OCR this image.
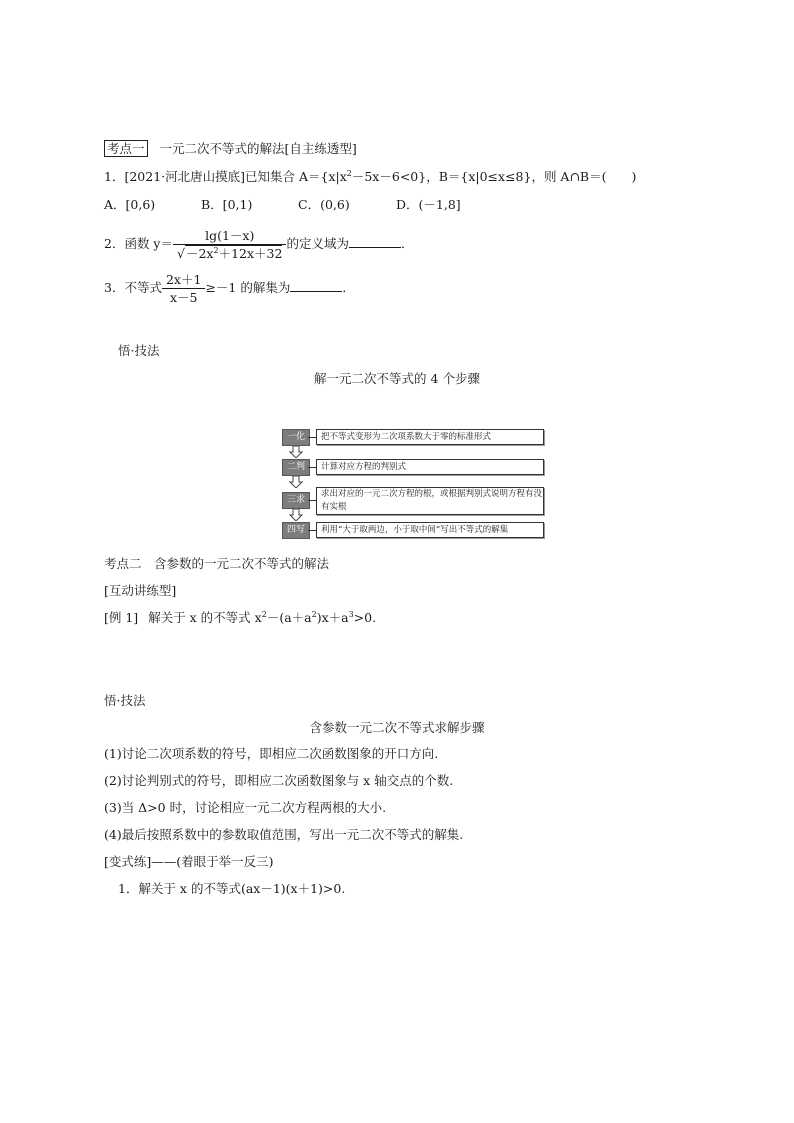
考点一 一元二次不等式的解法[自主练透型]
1．[2021·河北唐山摸底]已知集合 $A=\{x|x^2-5x-6<0\}$，B＝{x|0≤x≤8}，则 A∩B＝(　　)
A．[0,6)	B．[0,1)	C．(0,6)	D．(－1,8]
2．函数 $y= \frac{\lg(1-x)}{√-2x^2+12x+32}$ 的定义域为	．
3．不等式 $\frac{2x+1}{x-5} \ge-1$ 的解集为	．
悟·技法
解一元二次不等式的 4 个步骤
一化	把不等式变形为二次项系数大于零的标准形式
二判	计算对应方程的判别式
三求
求出对应的一元二次方程的根，或根据判别式说明方程有没有实根
四写	利用“大于取两边，小于取中间”写出不等式的解集
考点二　含参数的一元二次不等式的解法
[互动讲练型]
[例 1] 解关于 x 的不等式 $x^2-(a+a^2)x+a^3>0$.
悟·技法
含参数一元二次不等式求解步骤
(1)讨论二次项系数的符号，即相应二次函数图象的开口方向.
(2)讨论判别式的符号，即相应二次函数图象与 x 轴交点的个数.
(3)当 Δ>0 时，讨论相应一元二次方程两根的大小.
(4)最后按照系数中的参数取值范围，写出一元二次不等式的解集.
[变式练]——(着眼于举一反三)
1．解关于 x 的不等式(ax－1)(x＋1)>0.
